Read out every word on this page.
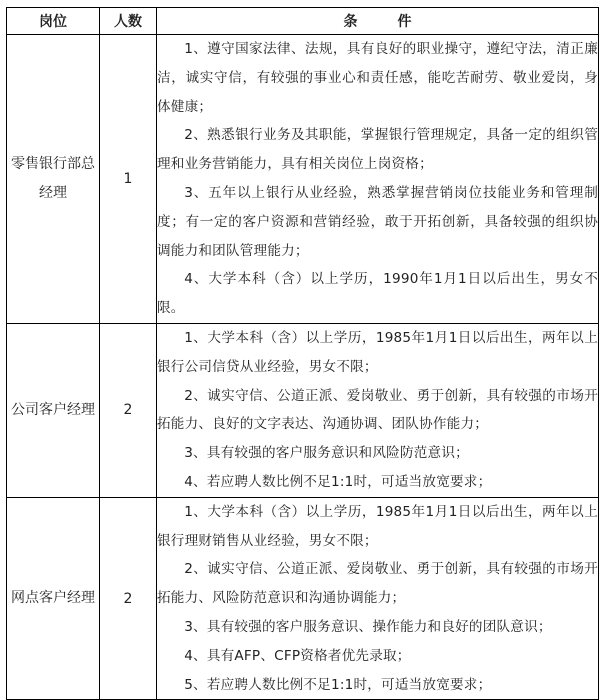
岗位	人数	条件
零售银行部总经理	1	1、遵守国家法律、法规，具有良好的职业操守，遵纪守法，清正廉洁，诚实守信，有较强的事业心和责任感，能吃苦耐劳、敬业爱岗，身体健康；
2、熟悉银行业务及其职能，掌握银行管理规定，具备一定的组织管理和业务营销能力，具有相关岗位上岗资格；
3、五年以上银行从业经验，熟悉掌握营销岗位技能业务和管理制度；有一定的客户资源和营销经验，敢于开拓创新，具备较强的组织协调能力和团队管理能力；
4、大学本科（含）以上学历，1990年1月1日以后出生，男女不限。

公司客户经理	2	1、大学本科（含）以上学历，1985年1月1日以后出生，两年以上银行公司信贷从业经验，男女不限；
2、诚实守信、公道正派、爱岗敬业、勇于创新，具有较强的市场开拓能力、良好的文字表达、沟通协调、团队协作能力；
3、具有较强的客户服务意识和风险防范意识；
4、若应聘人数比例不足1:1时，可适当放宽要求；

网点客户经理	2	1、大学本科（含）以上学历，1985年1月1日以后出生，两年以上银行理财销售从业经验，男女不限；
2、诚实守信、公道正派、爱岗敬业、勇于创新，具有较强的市场开拓能力、风险防范意识和沟通协调能力；
3、具有较强的客户服务意识、操作能力和良好的团队意识；
4、具有AFP、CFP资格者优先录取；
5、若应聘人数比例不足1:1时，可适当放宽要求；
